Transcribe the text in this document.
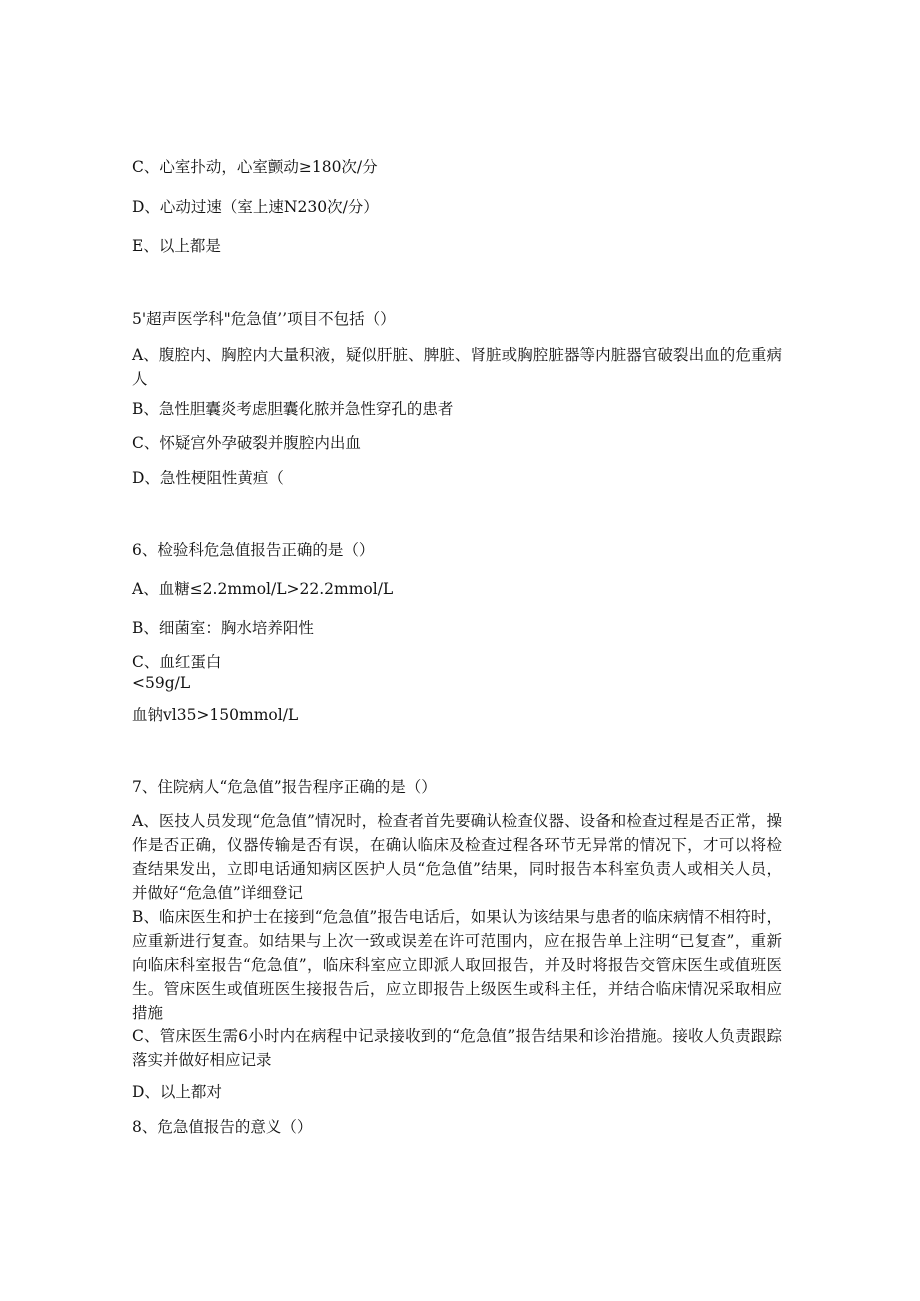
C、心室扑动，心室颤动≥180次/分

D、心动过速（室上速N230次/分）

E、以上都是

5'超声医学科"危急值’’项目不包括（）

A、腹腔内、胸腔内大量积液，疑似肝脏、脾脏、肾脏或胸腔脏器等内脏器官破裂出血的危重病人

B、急性胆囊炎考虑胆囊化脓并急性穿孔的患者

C、怀疑宫外孕破裂并腹腔内出血

D、急性梗阻性黄疸（

6、检验科危急值报告正确的是（）

A、血糖≤2.2mmol/L>22.2mmol/L

B、细菌室：胸水培养阳性

C、血红蛋白

<59g/L

血钠vl35>150mmol/L

7、住院病人“危急值”报告程序正确的是（）

A、医技人员发现“危急值”情况时，检查者首先要确认检查仪器、设备和检查过程是否正常，操作是否正确，仪器传输是否有误，在确认临床及检查过程各环节无异常的情况下，才可以将检查结果发出，立即电话通知病区医护人员“危急值”结果，同时报告本科室负责人或相关人员，并做好“危急值”详细登记

B、临床医生和护士在接到“危急值”报告电话后，如果认为该结果与患者的临床病情不相符时，应重新进行复查。如结果与上次一致或误差在许可范围内，应在报告单上注明“已复查”，重新向临床科室报告“危急值”，临床科室应立即派人取回报告，并及时将报告交管床医生或值班医生。管床医生或值班医生接报告后，应立即报告上级医生或科主任，并结合临床情况采取相应措施

C、管床医生需6小时内在病程中记录接收到的“危急值”报告结果和诊治措施。接收人负责跟踪落实并做好相应记录

D、以上都对

8、危急值报告的意义（）
